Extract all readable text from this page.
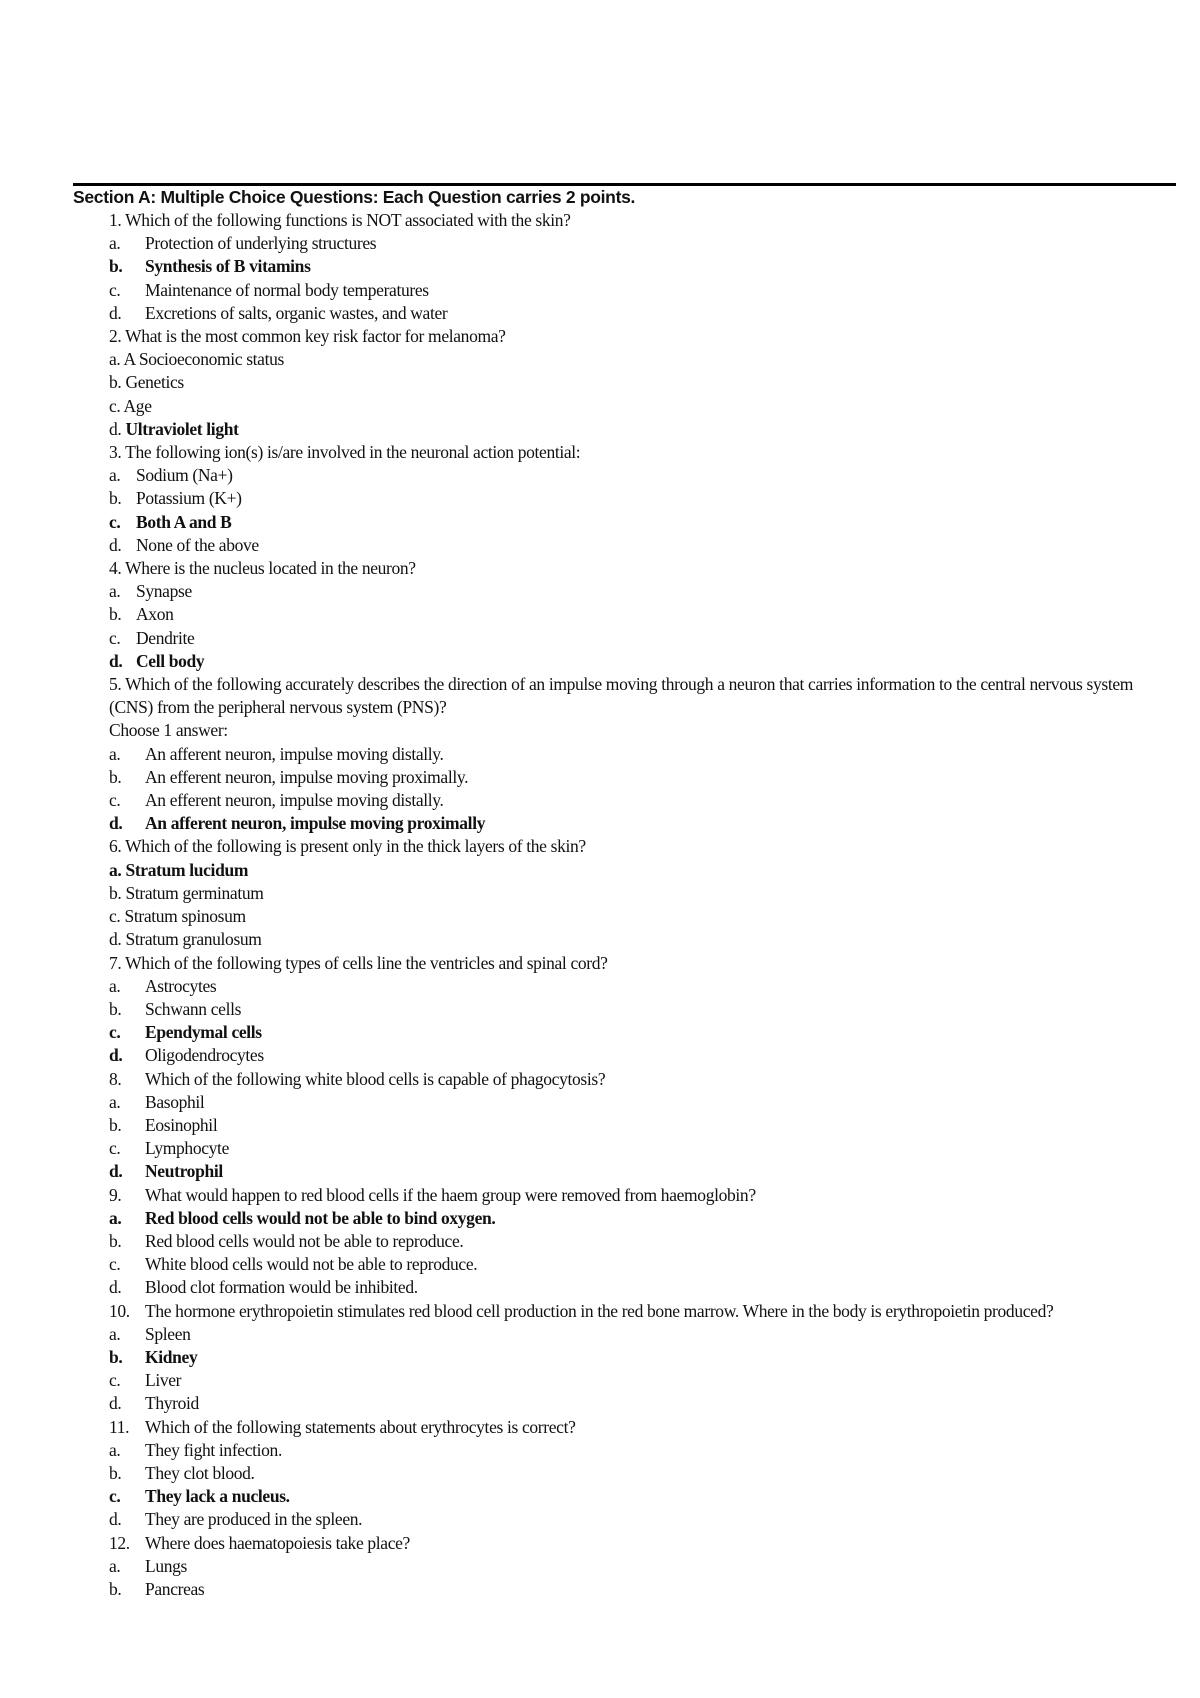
Section A: Multiple Choice Questions: Each Question carries 2 points.
1. Which of the following functions is NOT associated with the skin?
a.	Protection of underlying structures
b.	Synthesis of B vitamins
c.	Maintenance of normal body temperatures
d.	Excretions of salts, organic wastes, and water
2. What is the most common key risk factor for melanoma?
a. A Socioeconomic status
b. Genetics
c. Age
d. Ultraviolet light
3. The following ion(s) is/are involved in the neuronal action potential:
a. Sodium (Na+)
b. Potassium (K+)
c. Both A and B
d. None of the above
4. Where is the nucleus located in the neuron?
a. Synapse
b. Axon
c. Dendrite
d. Cell body
5. Which of the following accurately describes the direction of an impulse moving through a neuron that carries information to the central nervous system (CNS) from the peripheral nervous system (PNS)?
Choose 1 answer:
a.	An afferent neuron, impulse moving distally.
b.	An efferent neuron, impulse moving proximally.
c.	An efferent neuron, impulse moving distally.
d.	An afferent neuron, impulse moving proximally
6. Which of the following is present only in the thick layers of the skin?
a. Stratum lucidum
b. Stratum germinatum
c. Stratum spinosum
d. Stratum granulosum
7. Which of the following types of cells line the ventricles and spinal cord?
a.	Astrocytes
b.	Schwann cells
c.	Ependymal cells
d.	Oligodendrocytes
8.	Which of the following white blood cells is capable of phagocytosis?
a.	Basophil
b.	Eosinophil
c.	Lymphocyte
d.	Neutrophil
9.	What would happen to red blood cells if the haem group were removed from haemoglobin?
a.	Red blood cells would not be able to bind oxygen.
b.	Red blood cells would not be able to reproduce.
c.	White blood cells would not be able to reproduce.
d.	Blood clot formation would be inhibited.
10. The hormone erythropoietin stimulates red blood cell production in the red bone marrow. Where in the body is erythropoietin produced?
a.	Spleen
b.	Kidney
c.	Liver
d.	Thyroid
11. Which of the following statements about erythrocytes is correct?
a.	They fight infection.
b.	They clot blood.
c.	They lack a nucleus.
d.	They are produced in the spleen.
12. Where does haematopoiesis take place?
a.	Lungs
b.	Pancreas
